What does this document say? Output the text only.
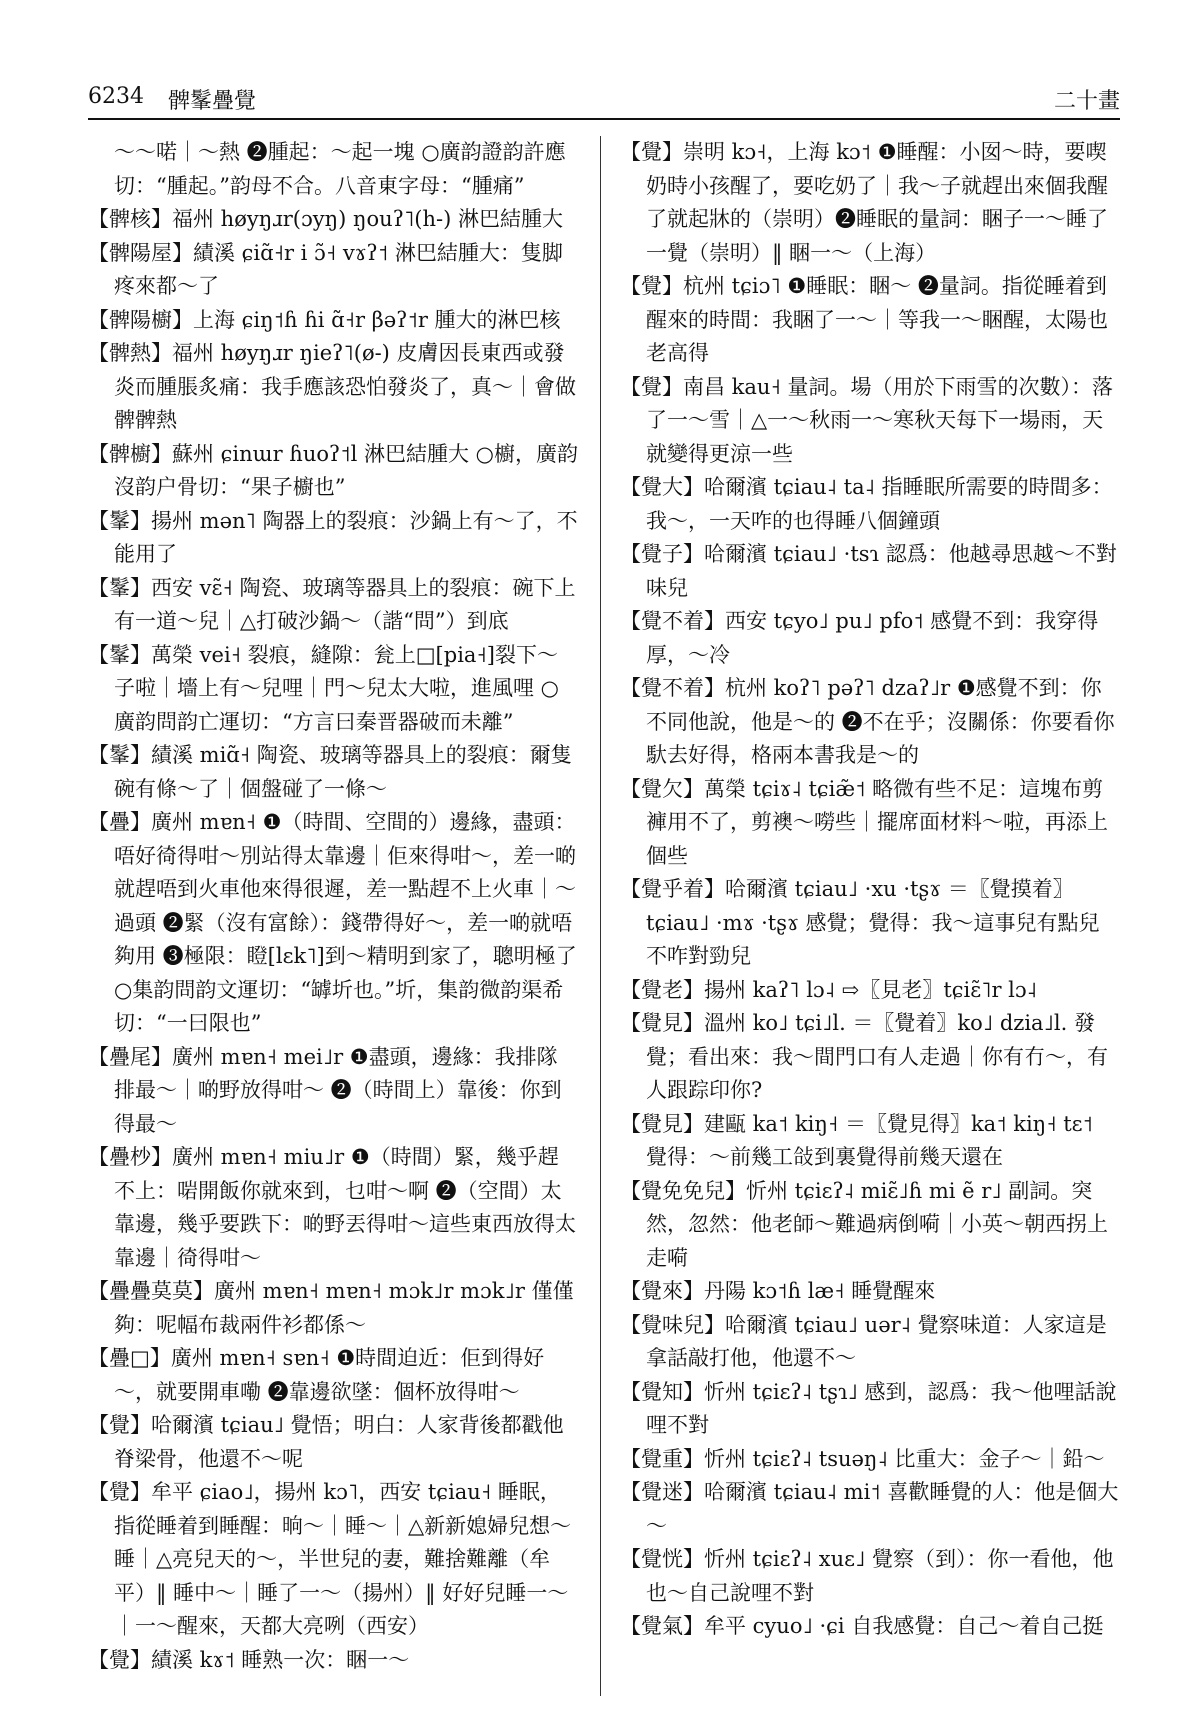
6234 髀髼疊覺	二十畫

～～喏｜～熱 ❷腫起：～起一塊 ○廣韵證韵許應切：“腫起。”韵母不合。八音東字母：“腫痛”

【髀核】福州 høyŋɹr(ɔyŋ) ŋouʔ˥(h-) 淋巴結腫大

【髀陽屋】績溪 ɕiɑ̃˧r i ɔ̃˧ vɤʔ˦ 淋巴結腫大：隻脚疼來都～了

【髀陽櫥】上海 ɕiŋ˦ɦ ɦi ɑ̃˧r βəʔ˦r 腫大的淋巴核

【髀熱】福州 høyŋɹr ŋieʔ˥(ø-) 皮膚因長東西或發炎而腫脹炙痛：我手應該恐怕發炎了，真～｜會做髀髀熱

【髀櫥】蘇州 ɕinɯr ɦuoʔ˦l 淋巴結腫大 ○櫥，廣韵沒韵户骨切：“果子櫥也”

【髼】揚州 mən˥ 陶器上的裂痕：沙鍋上有～了，不能用了

【髼】西安 vɛ̃˧ 陶瓷、玻璃等器具上的裂痕：碗下上有一道～兒｜△打破沙鍋～（諧“問”）到底

【髼】萬榮 vei˧ 裂痕，縫隙：瓮上□[pia˧]裂下～子啦｜墻上有～兒哩｜門～兒太大啦，進風哩 ○廣韵問韵亡運切：“方言曰秦晋器破而未離”

【髼】績溪 miɑ̃˧ 陶瓷、玻璃等器具上的裂痕：爾隻碗有條～了｜個盤碰了一條～

【疊】廣州 mɐn˧ ❶（時間、空間的）邊緣，盡頭：唔好徛得咁～別站得太靠邊｜佢來得咁～，差一啲就趕唔到火車他來得很遲，差一點趕不上火車｜～過頭 ❷緊（沒有富餘）：錢帶得好～，差一啲就唔夠用 ❸極限：瞪[lɛk˥]到～精明到家了，聰明極了 ○集韵問韵文運切：“罅圻也。”圻，集韵微韵渠希切：“一曰限也”

【疊尾】廣州 mɐn˧ mei˩r ❶盡頭，邊緣：我排隊排最～｜啲野放得咁～ ❷（時間上）靠後：你到得最～

【疊杪】廣州 mɐn˧ miu˩r ❶（時間）緊，幾乎趕不上：啱開飯你就來到，乜咁～啊 ❷（空間）太靠邊，幾乎要跌下：啲野丟得咁～這些東西放得太靠邊｜徛得咁～

【疊疊莫莫】廣州 mɐn˧ mɐn˧ mɔk˩r mɔk˩r 僅僅夠：呢幅布裁兩件衫都係～

【疊□】廣州 mɐn˧ sɐn˧ ❶時間迫近：佢到得好～，就要開車嘞 ❷靠邊欲墜：個杯放得咁～

【覺】哈爾濱 tɕiau˩ 覺悟；明白：人家背後都戳他脊梁骨，他還不～呢

【覺】牟平 ɕiao˩，揚州 kɔ˥，西安 tɕiau˧ 睡眠，指從睡着到睡醒：晌～｜睡～｜△新新媳婦兒想～睡｜△亮兒天的～，半世兒的妻，難捨難離（牟平）‖ 睡中～｜睡了一～（揚州）‖ 好好兒睡一～｜一～醒來，天都大亮咧（西安）

【覺】績溪 kɤ˦ 睡熟一次：睏一～

【覺】崇明 kɔ˧，上海 kɔ˦ ❶睡醒：小囡～時，要喫奶時小孩醒了，要吃奶了｜我～子就趕出來個我醒了就起牀的（崇明）❷睡眠的量詞：睏子一～睡了一覺（崇明）‖ 睏一～（上海）

【覺】杭州 tɕiɔ˥ ❶睡眠：睏～ ❷量詞。指從睡着到醒來的時間：我睏了一～｜等我一～睏醒，太陽也老高得

【覺】南昌 kau˧ 量詞。場（用於下雨雪的次數）：落了一～雪｜△一～秋雨一～寒秋天每下一場雨，天就變得更涼一些

【覺大】哈爾濱 tɕiau˨ ta˨ 指睡眠所需要的時間多：我～，一天咋的也得睡八個鐘頭

【覺子】哈爾濱 tɕiau˩ ·tsɿ 認爲：他越尋思越～不對味兒

【覺不着】西安 tɕyo˩ pu˩ pfo˦ 感覺不到：我穿得厚，～冷

【覺不着】杭州 koʔ˥ pəʔ˥ dzaʔ˩r ❶感覺不到：你不同他說，他是～的 ❷不在乎；沒關係：你要看你馱去好得，格兩本書我是～的

【覺欠】萬榮 tɕiɤ˨ tɕiæ̃˦ 略微有些不足：這塊布剪褲用不了，剪襖～嘮些｜擺席面材料～啦，再添上個些

【覺乎着】哈爾濱 tɕiau˩ ·xu ·tʂɤ ＝〖覺摸着〗tɕiau˩ ·mɤ ·tʂɤ 感覺；覺得：我～這事兒有點兒不咋對勁兒

【覺老】揚州 kaʔ˥ lɔ˨ ⇨〖見老〗tɕiɛ̃˥r lɔ˨

【覺見】溫州 ko˩ tɕi˩l. ＝〖覺着〗ko˩ dzia˩l. 發覺；看出來：我～間門口有人走過｜你有冇～，有人跟踪印你?

【覺見】建甌 ka˦ kiŋ˧ ＝〖覺見得〗ka˦ kiŋ˧ tɛ˦ 覺得：～前幾工敆到裏覺得前幾天還在

【覺免免兒】忻州 tɕiɛʔ˨ miɛ̃˩ɦ mi ẽ r˩ 副詞。突然，忽然：他老師～難過病倒嗬｜小英～朝西拐上走嗬

【覺來】丹陽 kɔ˦ɦ læ˧ 睡覺醒來

【覺味兒】哈爾濱 tɕiau˩ uər˨ 覺察味道：人家這是拿話敲打他，他還不～

【覺知】忻州 tɕiɛʔ˨ tʂɿ˩ 感到，認爲：我～他哩話說哩不對

【覺重】忻州 tɕiɛʔ˨ tsuəŋ˨ 比重大：金子～｜鉛～

【覺迷】哈爾濱 tɕiau˨ mi˦ 喜歡睡覺的人：他是個大～

【覺恍】忻州 tɕiɛʔ˨ xuɛ˩ 覺察（到）：你一看他，他也～自己說哩不對

【覺氣】牟平 cyuo˩ ·ɕi 自我感覺：自己～着自己挺
